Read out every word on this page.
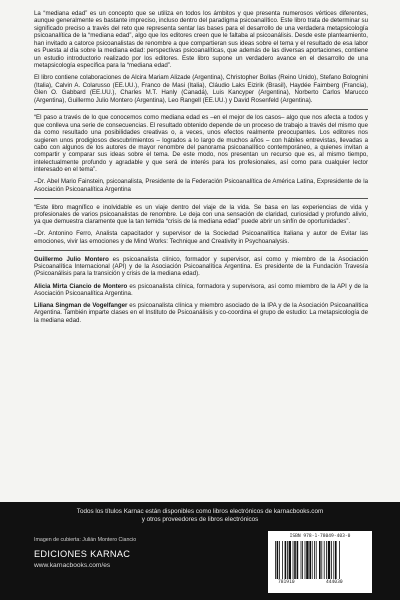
La “mediana edad” es un concepto que se utiliza en todos los ámbitos y que presenta numerosos vértices diferentes, aunque generalmente es bastante impreciso, incluso dentro del paradigma psicoanalítico. Este libro trata de determinar su significado preciso a través del reto que representa sentar las bases para el desarrollo de una verdadera metapsicología psicoanalítica de la “mediana edad”, algo que los editores creen que le faltaba al psicoanálisis. Desde este planteamiento, han invitado a catorce psicoanalistas de renombre a que compartieran sus ideas sobre el tema y el resultado de esa labor es Puesta al día sobre la mediana edad: perspectivas psicoanalíticas, que además de las diversas aportaciones, contiene un estudio introductorio realizado por los editores. Este libro supone un verdadero avance en el desarrollo de una metapsicología específica para la “mediana edad”.

El libro contiene colaboraciones de Alcira Mariam Alizade (Argentina), Christopher Bollas (Reino Unido), Stefano Bolognini (Italia), Calvin A. Colarusso (EE.UU.), Franco de Masi (Italia), Cláudio Laks Eizirik (Brasil), Haydée Faimberg (Francia), Glen O. Gabbard (EE.UU.), Charles M.T. Hanly (Canadá), Luis Kancyper (Argentina), Norberto Carlos Marucco (Argentina), Guillermo Julio Montero (Argentina), Leo Rangell (EE.UU.) y David Rosenfeld (Argentina).

“El paso a través de lo que conocemos como mediana edad es –en el mejor de los casos– algo que nos afecta a todos y que conlleva una serie de consecuencias. El resultado obtenido depende de un proceso de trabajo a través del mismo que da como resultado una posibilidades creativas o, a veces, unos efectos realmente preocupantes. Los editores nos sugieren unos prodigiosos descubrimientos – logrados a lo largo de muchos años – con hábiles entrevistas, llevadas a cabo con algunos de los autores de mayor renombre del panorama psicoanalítico contemporáneo, a quienes invitan a compartir y comparar sus ideas sobre el tema. De este modo, nos presentan un recurso que es, al mismo tiempo, intelectualmente profundo y agradable y que será de interés para los profesionales, así como para cualquier lector interesado en el tema”.

–Dr. Abel Mario Fainstein, psicoanalista, Presidente de la Federación Psicoanalítica de América Latina, Expresidente de la Asociación Psicoanalítica Argentina

“Este libro magnífico e inolvidable es un viaje dentro del viaje de la vida. Se basa en las experiencias de vida y profesionales de varios psicoanalistas de renombre. Le deja con una sensación de claridad, curiosidad y profundo alivio, ya que demuestra claramente que la tan temida “crisis de la mediana edad” puede abrir un sinfín de oportunidades”.

–Dr. Antonino Ferro, Analista capacitador y supervisor de la Sociedad Psicoanalítica Italiana y autor de Evitar las emociones, vivir las emociones y de Mind Works: Technique and Creativity in Psychoanalysis.

Guillermo Julio Montero es psicoanalista clínico, formador y supervisor, así como y miembro de la Asociación Psicoanalítica Internacional (API) y de la Asociación Psicoanalítica Argentina. Es presidente de la Fundación Travesía (Psicoanálisis para la transición y crisis de la mediana edad).

Alicia Mirta Ciancio de Montero es psicoanalista clínica, formadora y supervisora, así como miembro de la API y de la Asociación Psicoanalítica Argentina.

Liliana Singman de Vogelfanger es psicoanalista clínica y miembro asociado de la IPA y de la Asociación Psicoanalítica Argentina. También imparte clases en el Instituto de Psicoanálisis y co-coordina el grupo de estudio: La metapsicología de la mediana edad.

Todos los títulos Karnac están disponibles como libros electrónicos de karnacbooks.com
y otros proveedores de libros electrónicos
Imagen de cubierta: Julián Montero Ciancio
EDICIONES KARNAC
www.karnacbooks.com/es
ISBN 978-1-78049-403-0
781910	444030
